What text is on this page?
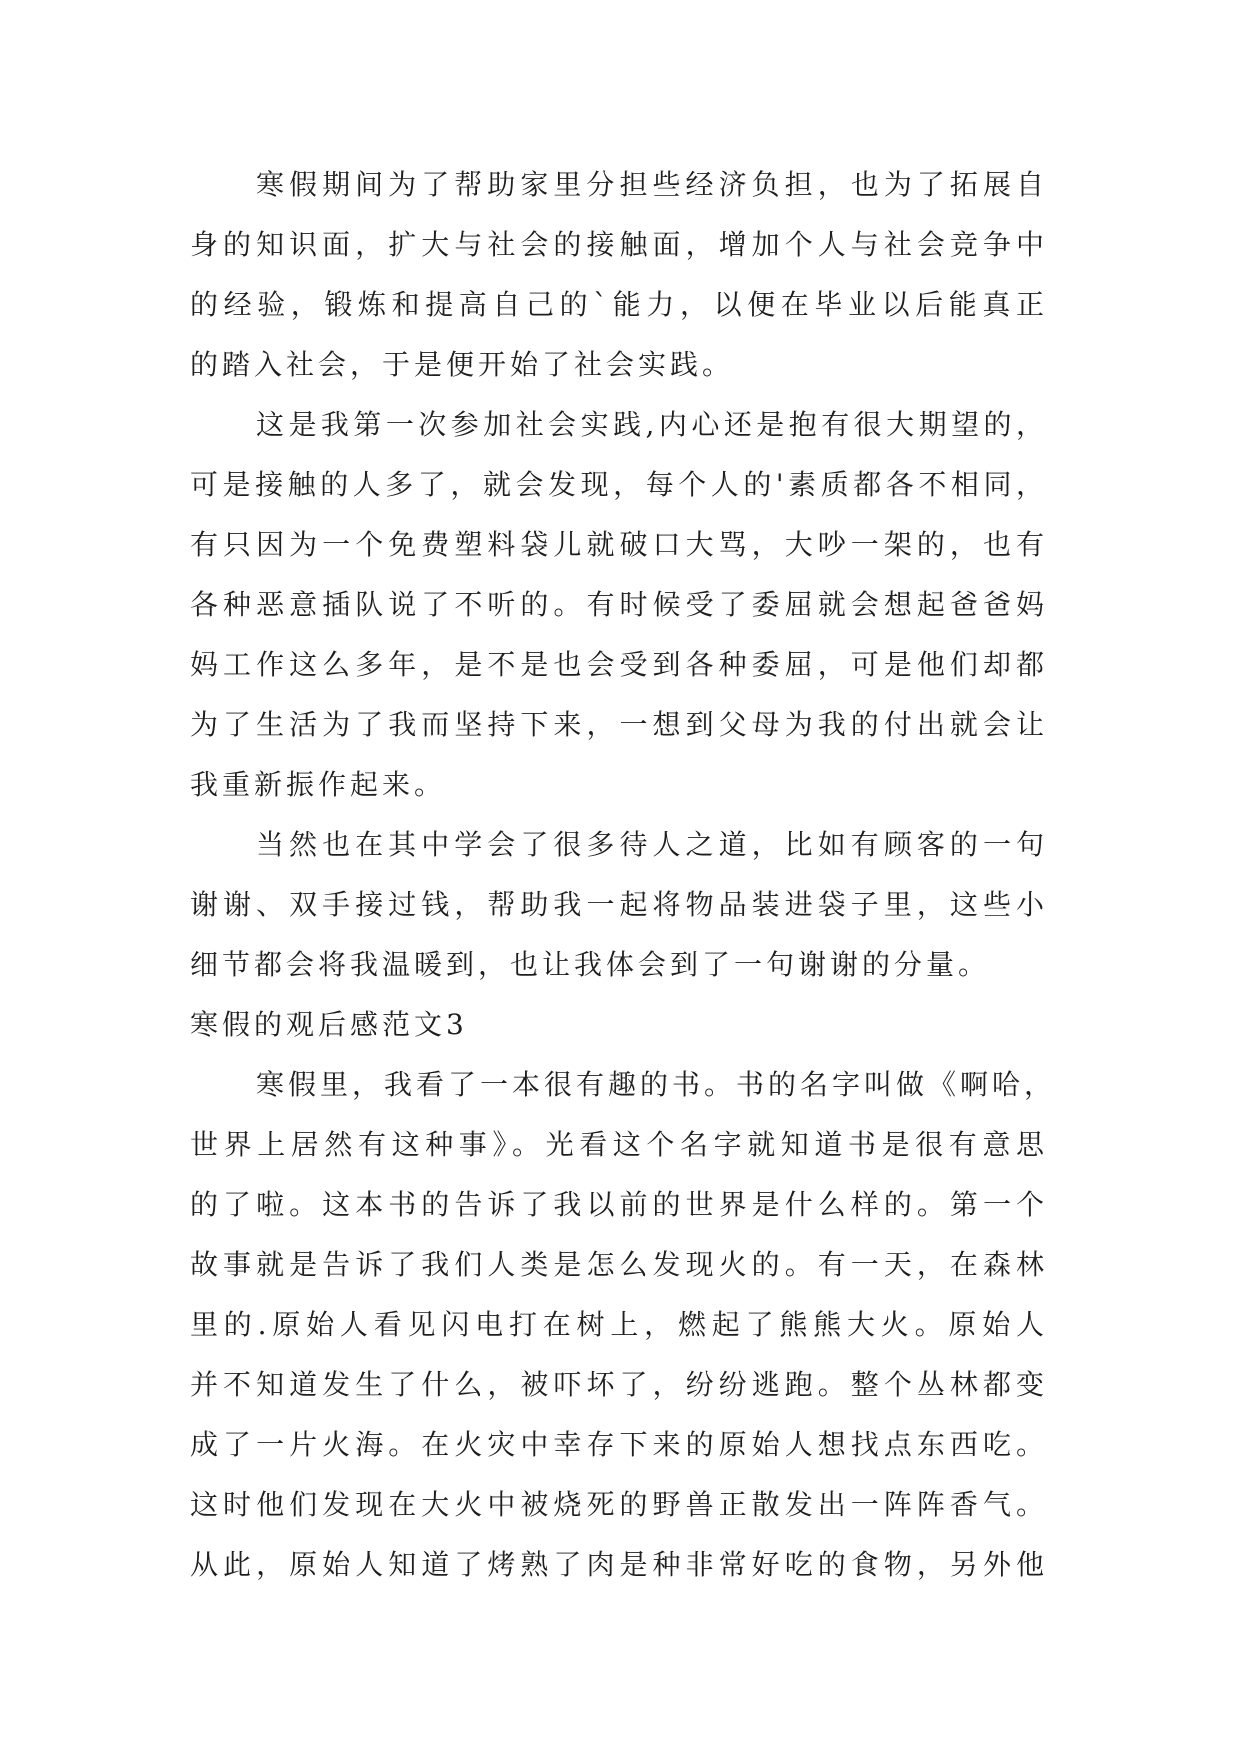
寒假期间为了帮助家里分担些经济负担，也为了拓展自
身的知识面，扩大与社会的接触面，增加个人与社会竞争中
的经验，锻炼和提高自己的`能力，以便在毕业以后能真正
的踏入社会，于是便开始了社会实践。
这是我第一次参加社会实践,内心还是抱有很大期望的，
可是接触的人多了，就会发现，每个人的'素质都各不相同，
有只因为一个免费塑料袋儿就破口大骂，大吵一架的，也有
各种恶意插队说了不听的。有时候受了委屈就会想起爸爸妈
妈工作这么多年，是不是也会受到各种委屈，可是他们却都
为了生活为了我而坚持下来，一想到父母为我的付出就会让
我重新振作起来。
当然也在其中学会了很多待人之道，比如有顾客的一句
谢谢、双手接过钱，帮助我一起将物品装进袋子里，这些小
细节都会将我温暖到，也让我体会到了一句谢谢的分量。
寒假的观后感范文3
寒假里，我看了一本很有趣的书。书的名字叫做《啊哈，
世界上居然有这种事》。光看这个名字就知道书是很有意思
的了啦。这本书的告诉了我以前的世界是什么样的。第一个
故事就是告诉了我们人类是怎么发现火的。有一天，在森林
里的.原始人看见闪电打在树上，燃起了熊熊大火。原始人
并不知道发生了什么，被吓坏了，纷纷逃跑。整个丛林都变
成了一片火海。在火灾中幸存下来的原始人想找点东西吃。
这时他们发现在大火中被烧死的野兽正散发出一阵阵香气。
从此，原始人知道了烤熟了肉是种非常好吃的食物，另外他
